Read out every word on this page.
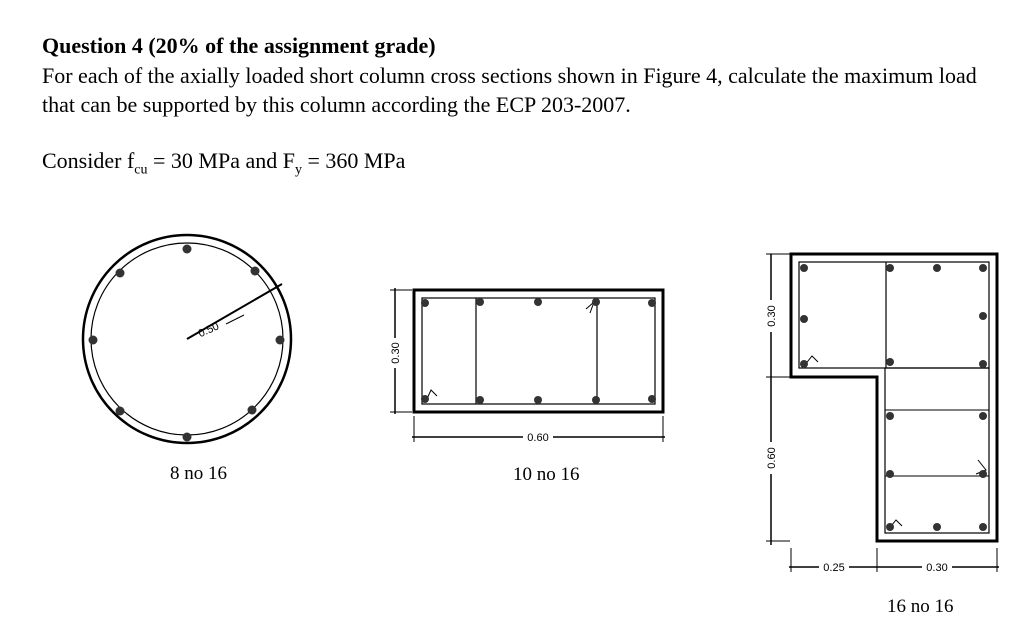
Question 4 (20% of the assignment grade)

For each of the axially loaded short column cross sections shown in Figure 4, calculate the maximum load that can be supported by this column according the ECP 203-2007.

Consider $f_{cu} = 30$ MPa and $F_y = 360$ MPa

0.50
0.60
0.30
0.30
0.60
0.25	0.30
8 no 16	10 no 16
16 no 16
